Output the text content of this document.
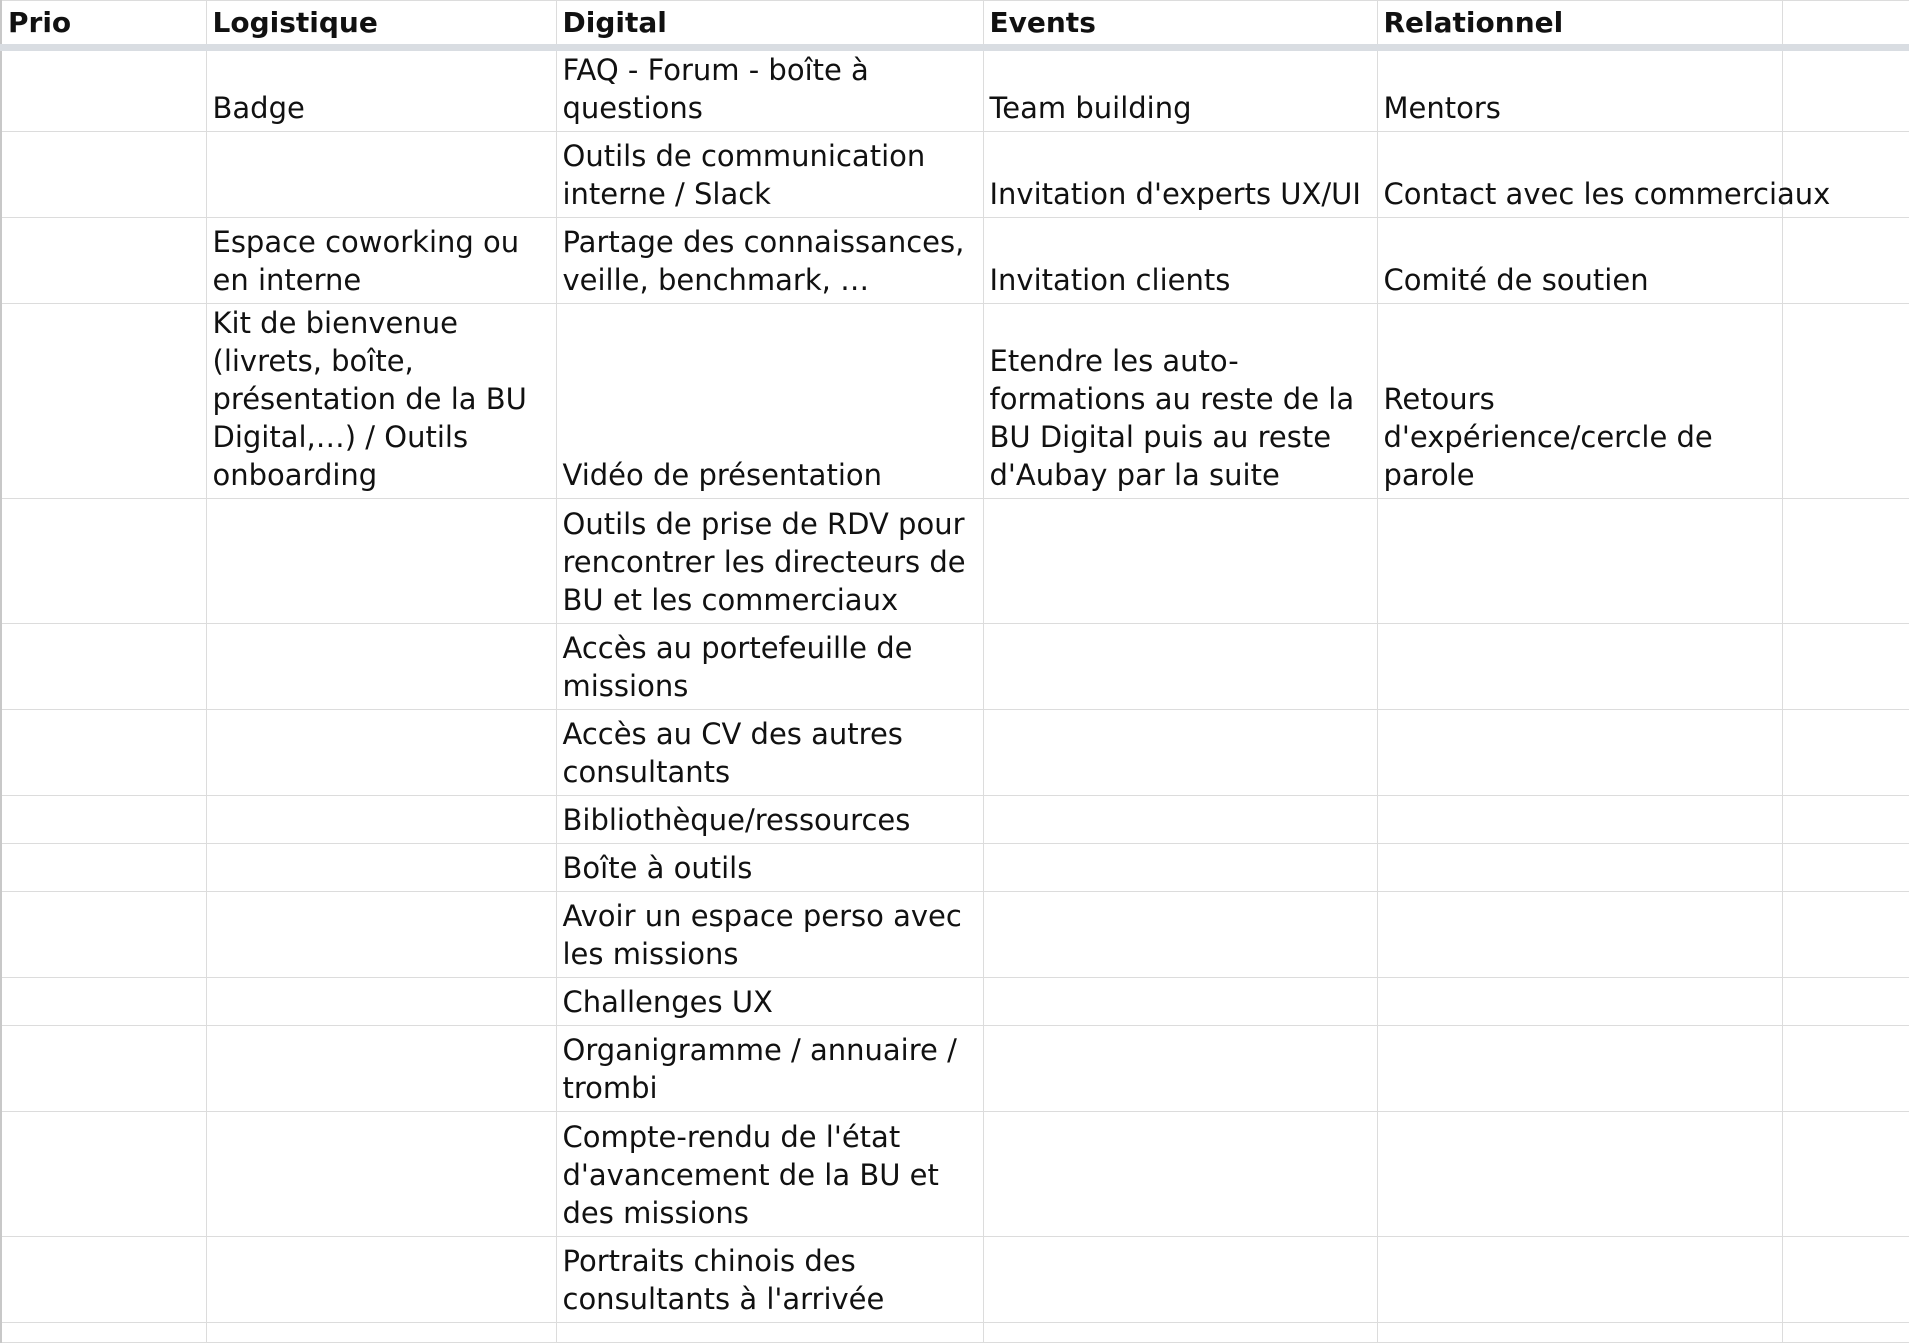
Prio	Logistique	Digital	Events	Relationnel	
	Badge	FAQ - Forum - boîte à questions	Team building	Mentors	
		Outils de communication interne / Slack	Invitation d'experts UX/UI	Contact avec les commerciaux	
	Espace coworking ou en interne	Partage des connaissances, veille, benchmark, …	Invitation clients	Comité de soutien	
	Kit de bienvenue (livrets, boîte, présentation de la BU Digital,…) / Outils onboarding	Vidéo de présentation	Etendre les auto-formations au reste de la BU Digital puis au reste d'Aubay par la suite	Retours d'expérience/cercle de parole	
		Outils de prise de RDV pour rencontrer les directeurs de BU et les commerciaux			
		Accès au portefeuille de missions			
		Accès au CV des autres consultants			
		Bibliothèque/ressources			
		Boîte à outils			
		Avoir un espace perso avec les missions			
		Challenges UX			
		Organigramme / annuaire / trombi			
		Compte-rendu de l'état d'avancement de la BU et des missions			
		Portraits chinois des consultants à l'arrivée			
